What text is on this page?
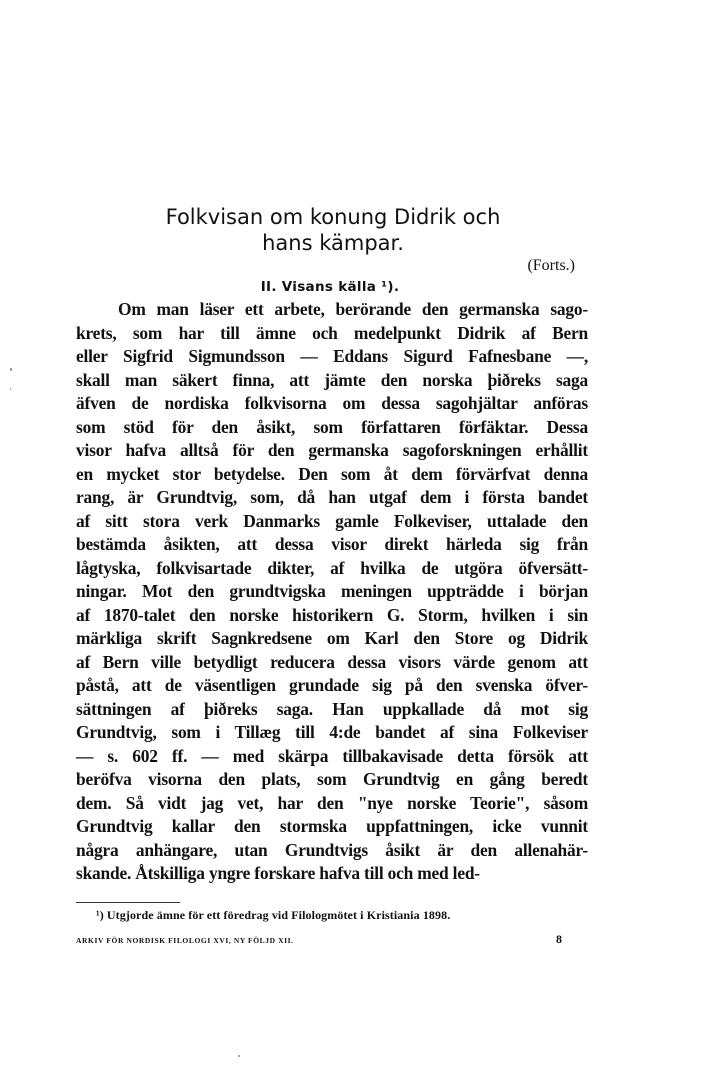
Folkvisan om konung Didrik och
hans kämpar.
(Forts.)
II. Visans källa ¹).
Om man läser ett arbete, berörande den germanska sago-
krets, som har till ämne och medelpunkt Didrik af Bern
eller Sigfrid Sigmundsson — Eddans Sigurd Fafnesbane —,
skall man säkert finna, att jämte den norska þiðreks saga
äfven de nordiska folkvisorna om dessa sagohjältar anföras
som stöd för den åsikt, som författaren förfäktar. Dessa
visor hafva alltså för den germanska sagoforskningen erhållit
en mycket stor betydelse. Den som åt dem förvärfvat denna
rang, är Grundtvig, som, då han utgaf dem i första bandet
af sitt stora verk Danmarks gamle Folkeviser, uttalade den
bestämda åsikten, att dessa visor direkt härleda sig från
lågtyska, folkvisartade dikter, af hvilka de utgöra öfversätt-
ningar. Mot den grundtvigska meningen uppträdde i början
af 1870-talet den norske historikern G. Storm, hvilken i sin
märkliga skrift Sagnkredsene om Karl den Store og Didrik
af Bern ville betydligt reducera dessa visors värde genom att
påstå, att de väsentligen grundade sig på den svenska öfver-
sättningen af þiðreks saga. Han uppkallade då mot sig
Grundtvig, som i Tillæg till 4:de bandet af sina Folkeviser
— s. 602 ff. — med skärpa tillbakavisade detta försök att
beröfva visorna den plats, som Grundtvig en gång beredt
dem. Så vidt jag vet, har den "nye norske Teorie", såsom
Grundtvig kallar den stormska uppfattningen, icke vunnit
några anhängare, utan Grundtvigs åsikt är den allenahär-
skande. Åtskilliga yngre forskare hafva till och med led-
¹) Utgjorde ämne för ett föredrag vid Filologmötet i Kristiania 1898.
ARKIV FÖR NORDISK FILOLOGI XVI, NY FÖLJD XII.	8
